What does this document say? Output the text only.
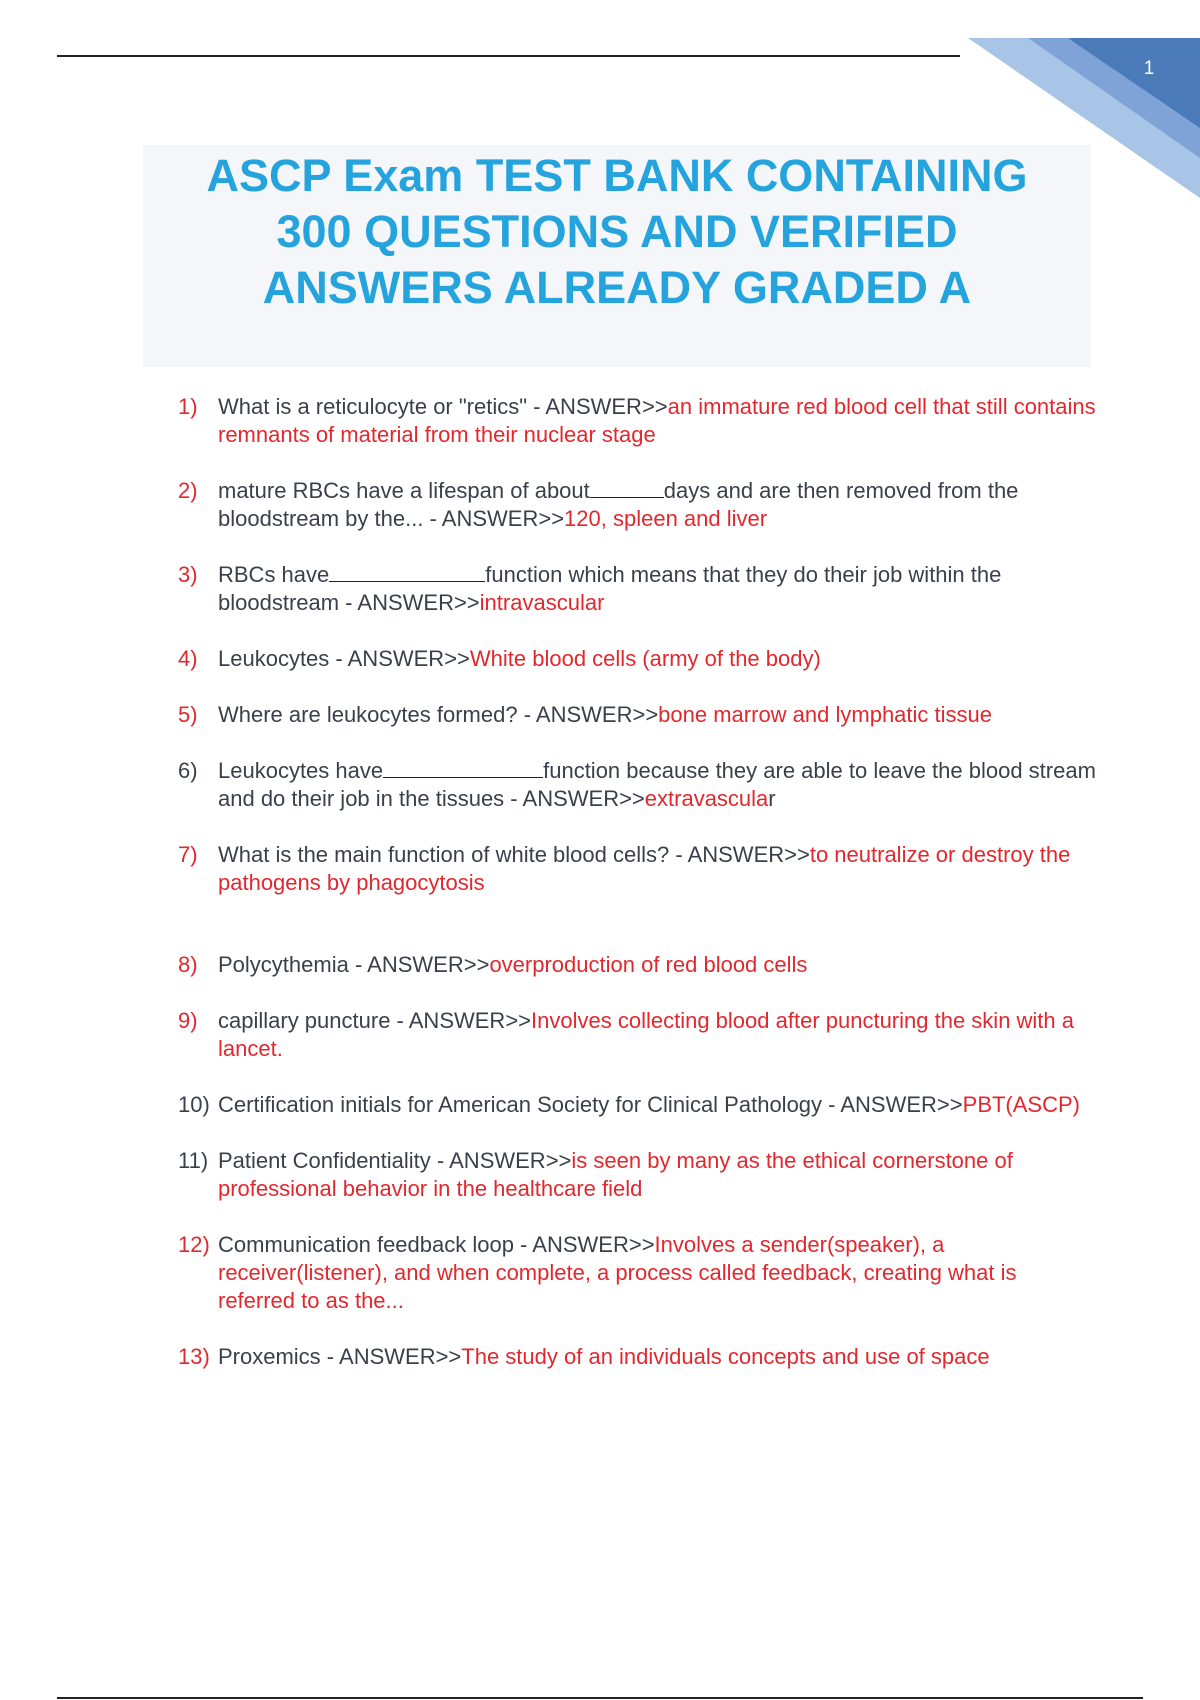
1
ASCP Exam TEST BANK CONTAINING
300 QUESTIONS AND VERIFIED
ANSWERS ALREADY GRADED A
1) What is a reticulocyte or "retics" - ANSWER>>an immature red blood cell that still contains remnants of material from their nuclear stage
2) mature RBCs have a lifespan of about	days and are then removed from the bloodstream by the... - ANSWER>>120, spleen and liver
3) RBCs have	function which means that they do their job within the bloodstream - ANSWER>>intravascular
4) Leukocytes - ANSWER>>White blood cells (army of the body)
5) Where are leukocytes formed? - ANSWER>>bone marrow and lymphatic tissue
6) Leukocytes have	function because they are able to leave the blood stream and do their job in the tissues - ANSWER>>extravascular
7) What is the main function of white blood cells? - ANSWER>>to neutralize or destroy the pathogens by phagocytosis
8) Polycythemia - ANSWER>>overproduction of red blood cells
9) capillary puncture - ANSWER>>Involves collecting blood after puncturing the skin with a lancet.
10) Certification initials for American Society for Clinical Pathology - ANSWER>>PBT(ASCP)
11) Patient Confidentiality - ANSWER>>is seen by many as the ethical cornerstone of professional behavior in the healthcare field
12) Communication feedback loop - ANSWER>>Involves a sender(speaker), a receiver(listener), and when complete, a process called feedback, creating what is referred to as the...
13) Proxemics - ANSWER>>The study of an individuals concepts and use of space
